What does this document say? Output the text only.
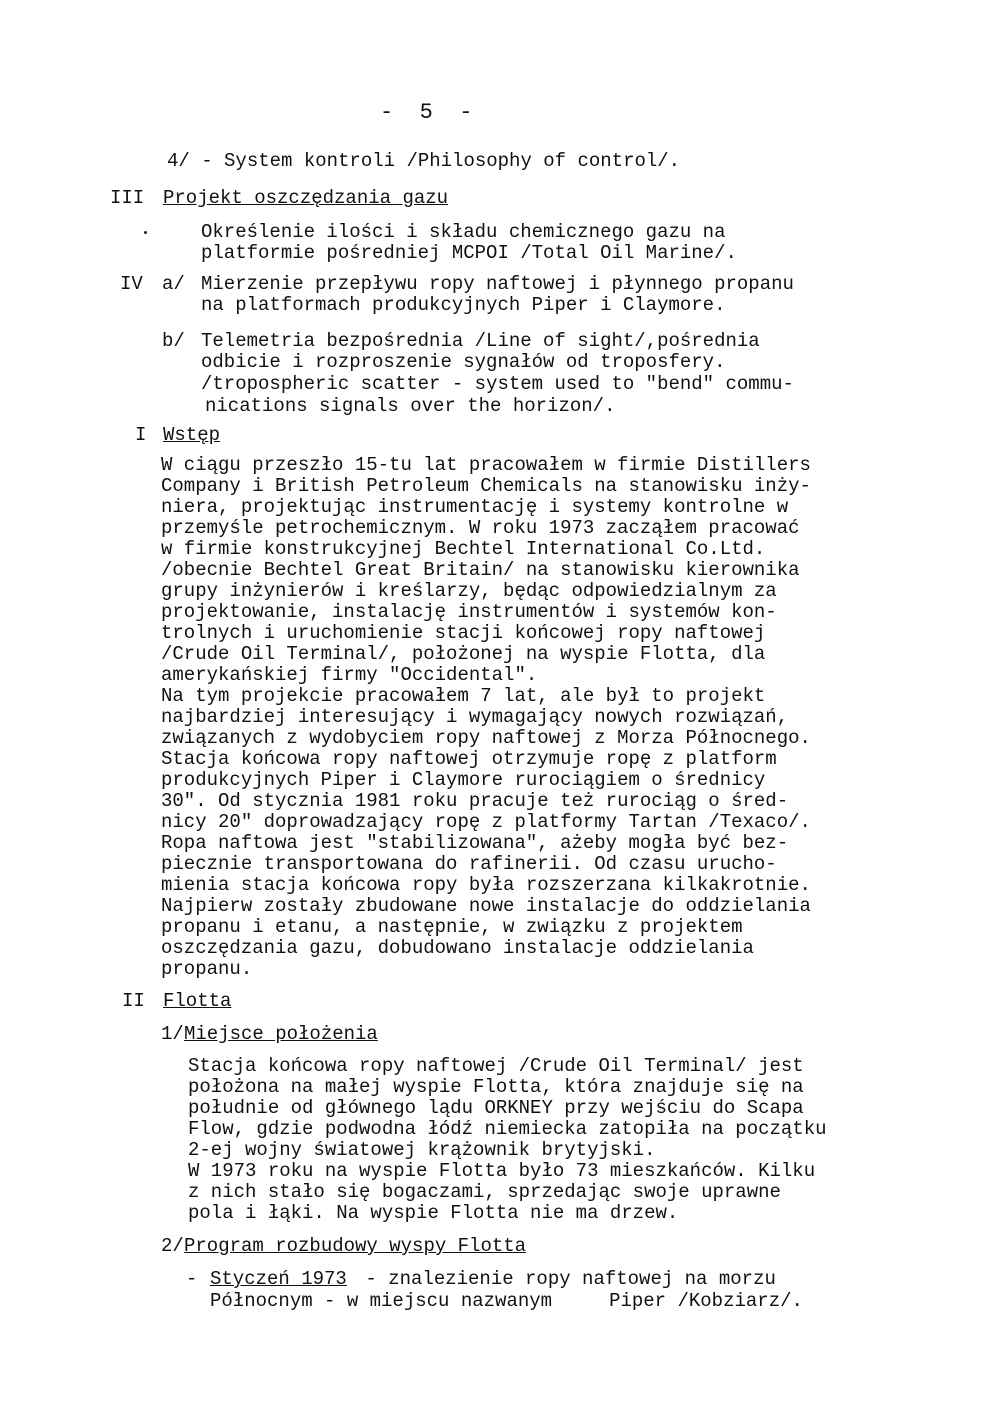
-  5  -
4/ - System kontroli /Philosophy of control/.
III Projekt oszczędzania gazu
Określenie ilości i składu chemicznego gazu na
platformie pośredniej MCPOI /Total Oil Marine/.
IV a/ Mierzenie przepływu ropy naftowej i płynnego propanu
na platformach produkcyjnych Piper i Claymore.
b/ Telemetria bezpośrednia /Line of sight/,pośrednia
odbicie i rozproszenie sygnałów od troposfery.
/tropospheric scatter - system used to "bend" commu-
nications signals over the horizon/.
I Wstęp
W ciągu przeszło 15-tu lat pracowałem w firmie Distillers
Company i British Petroleum Chemicals na stanowisku inży-
niera, projektując instrumentację i systemy kontrolne w
przemyśle petrochemicznym. W roku 1973 zacząłem pracować
w firmie konstrukcyjnej Bechtel International Co.Ltd.
/obecnie Bechtel Great Britain/ na stanowisku kierownika
grupy inżynierów i kreślarzy, będąc odpowiedzialnym za
projektowanie, instalację instrumentów i systemów kon-
trolnych i uruchomienie stacji końcowej ropy naftowej
/Crude Oil Terminal/, położonej na wyspie Flotta, dla
amerykańskiej firmy "Occidental".
Na tym projekcie pracowałem 7 lat, ale był to projekt
najbardziej interesujący i wymagający nowych rozwiązań,
związanych z wydobyciem ropy naftowej z Morza Północnego.
Stacja końcowa ropy naftowej otrzymuje ropę z platform
produkcyjnych Piper i Claymore rurociągiem o średnicy
30". Od stycznia 1981 roku pracuje też rurociąg o śred-
nicy 20" doprowadzający ropę z platformy Tartan /Texaco/.
Ropa naftowa jest "stabilizowana", ażeby mogła być bez-
piecznie transportowana do rafinerii. Od czasu urucho-
mienia stacja końcowa ropy była rozszerzana kilkakrotnie.
Najpierw zostały zbudowane nowe instalacje do oddzielania
propanu i etanu, a następnie, w związku z projektem
oszczędzania gazu, dobudowano instalacje oddzielania
propanu.
II Flotta
1/ Miejsce położenia
Stacja końcowa ropy naftowej /Crude Oil Terminal/ jest
położona na małej wyspie Flotta, która znajduje się na
południe od głównego lądu ORKNEY przy wejściu do Scapa
Flow, gdzie podwodna łódź niemiecka zatopiła na początku
2-ej wojny światowej krążownik brytyjski.
W 1973 roku na wyspie Flotta było 73 mieszkańców. Kilku
z nich stało się bogaczami, sprzedając swoje uprawne
pola i łąki. Na wyspie Flotta nie ma drzew.
2/ Program rozbudowy wyspy Flotta
- Styczeń 1973 - znalezienie ropy naftowej na morzu
Północnym - w miejscu nazwanym     Piper /Kobziarz/.
